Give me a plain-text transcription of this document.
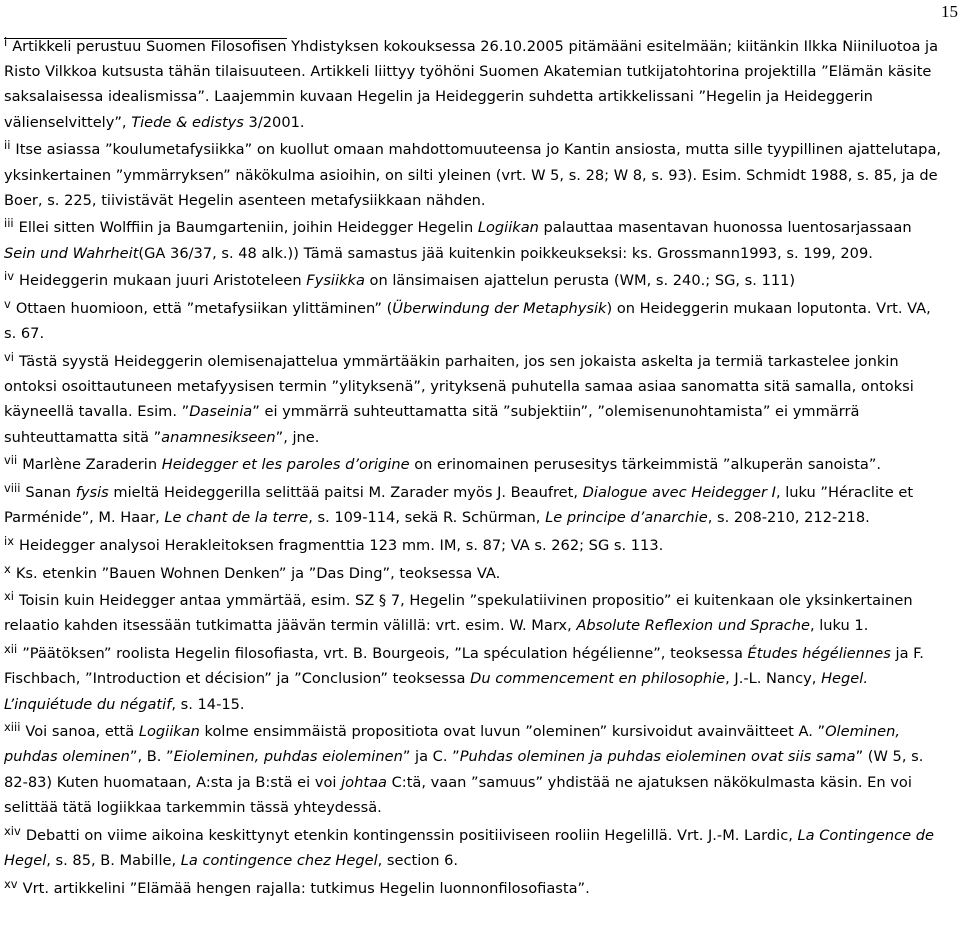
15

$^i$ Artikkeli perustuu Suomen Filosofisen Yhdistyksen kokouksessa 26.10.2005 pitämääni esitelmään; kiitänkin Ilkka Niiniluotoa ja Risto Vilkkoa kutsusta tähän tilaisuuteen. Artikkeli liittyy työhöni Suomen Akatemian tutkijatohtorina projektilla ”Elämän käsite saksalaisessa idealismissa”. Laajemmin kuvaan Hegelin ja Heideggerin suhdetta artikkelissani ”Hegelin ja Heideggerin välienselvittely”, Tiede & edistys 3/2001.

$^{ii}$ Itse asiassa ”koulumetafysiikka” on kuollut omaan mahdottomuuteensa jo Kantin ansiosta, mutta sille tyypillinen ajattelutapa, yksinkertainen ”ymmärryksen” näkökulma asioihin, on silti yleinen (vrt. W 5, s. 28; W 8, s. 93). Esim. Schmidt 1988, s. 85, ja de Boer, s. 225, tiivistävät Hegelin asenteen metafysiikkaan nähden.

$^{iii}$ Ellei sitten Wolffiin ja Baumgarteniin, joihin Heidegger Hegelin Logiikan palauttaa masentavan huonossa luentosarjassaan Sein und Wahrheit(GA 36/37, s. 48 alk.)) Tämä samastus jää kuitenkin poikkeukseksi: ks. Grossmann1993, s. 199, 209.

$^{iv}$ Heideggerin mukaan juuri Aristoteleen Fysiikka on länsimaisen ajattelun perusta (WM, s. 240.; SG, s. 111)

$^v$ Ottaen huomioon, että ”metafysiikan ylittäminen” (Überwindung der Metaphysik) on Heideggerin mukaan loputonta. Vrt. VA, s. 67.

$^{vi}$ Tästä syystä Heideggerin olemisenajattelua ymmärtääkin parhaiten, jos sen jokaista askelta ja termiä tarkastelee jonkin ontoksi osoittautuneen metafyysisen termin ”ylityksenä”, yrityksenä puhutella samaa asiaa sanomatta sitä samalla, ontoksi käyneellä tavalla. Esim. ”Daseinia” ei ymmärrä suhteuttamatta sitä ”subjektiin”, ”olemisenunohtamista” ei ymmärrä suhteuttamatta sitä ”anamnesikseen”, jne.

$^{vii}$ Marlène Zaraderin Heidegger et les paroles d’origine on erinomainen perusesitys tärkeimmistä ”alkuperän sanoista”.

$^{viii}$ Sanan fysis mieltä Heideggerilla selittää paitsi M. Zarader myös J. Beaufret, Dialogue avec Heidegger I, luku ”Héraclite et Parménide”, M. Haar, Le chant de la terre, s. 109-114, sekä R. Schürman, Le principe d’anarchie, s. 208-210, 212-218.

$^{ix}$ Heidegger analysoi Herakleitoksen fragmenttia 123 mm. IM, s. 87; VA s. 262; SG s. 113.

$^x$ Ks. etenkin ”Bauen Wohnen Denken” ja ”Das Ding”, teoksessa VA.

$^{xi}$ Toisin kuin Heidegger antaa ymmärtää, esim. SZ § 7, Hegelin ”spekulatiivinen propositio” ei kuitenkaan ole yksinkertainen relaatio kahden itsessään tutkimatta jäävän termin välillä: vrt. esim. W. Marx, Absolute Reflexion und Sprache, luku 1.

$^{xii}$ ”Päätöksen” roolista Hegelin filosofiasta, vrt. B. Bourgeois, ”La spéculation hégélienne”, teoksessa Études hégéliennes ja F. Fischbach, ”Introduction et décision” ja ”Conclusion” teoksessa Du commencement en philosophie, J.-L. Nancy, Hegel. L’inquiétude du négatif, s. 14-15.

$^{xiii}$ Voi sanoa, että Logiikan kolme ensimmäistä propositiota ovat luvun ”oleminen” kursivoidut avainväitteet A. ”Oleminen, puhdas oleminen”, B. ”Eioleminen, puhdas eioleminen” ja C. ”Puhdas oleminen ja puhdas eioleminen ovat siis sama” (W 5, s. 82-83) Kuten huomataan, A:sta ja B:stä ei voi johtaa C:tä, vaan ”samuus” yhdistää ne ajatuksen näkökulmasta käsin. En voi selittää tätä logiikkaa tarkemmin tässä yhteydessä.

$^{xiv}$ Debatti on viime aikoina keskittynyt etenkin kontingenssin positiiviseen rooliin Hegelillä. Vrt. J.-M. Lardic, La Contingence de Hegel, s. 85, B. Mabille, La contingence chez Hegel, section 6.

$^{xv}$ Vrt. artikkelini ”Elämää hengen rajalla: tutkimus Hegelin luonnonfilosofiasta”.
